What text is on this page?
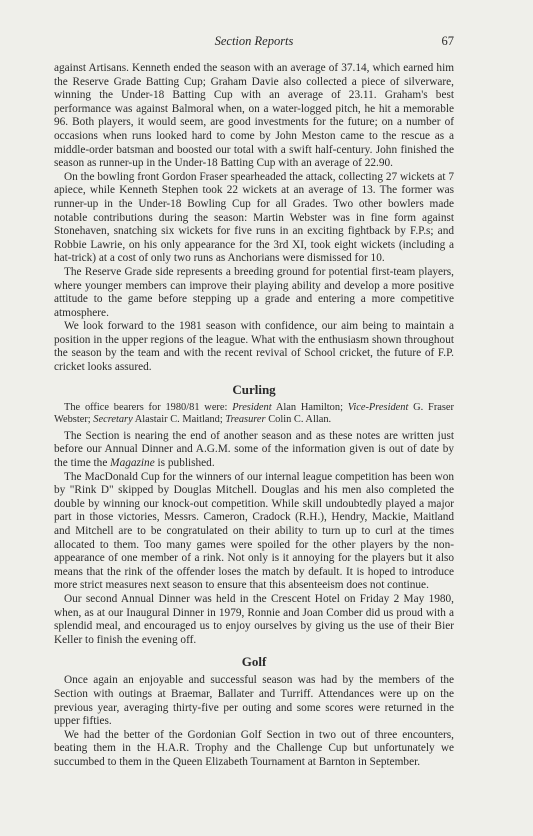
Section Reports	67

against Artisans. Kenneth ended the season with an average of 37.14, which earned him the Reserve Grade Batting Cup; Graham Davie also collected a piece of silverware, winning the Under-18 Batting Cup with an average of 23.11. Graham's best performance was against Balmoral when, on a water-logged pitch, he hit a memorable 96. Both players, it would seem, are good investments for the future; on a number of occasions when runs looked hard to come by John Meston came to the rescue as a middle-order batsman and boosted our total with a swift half-century. John finished the season as runner-up in the Under-18 Batting Cup with an average of 22.90.

On the bowling front Gordon Fraser spearheaded the attack, collecting 27 wickets at 7 apiece, while Kenneth Stephen took 22 wickets at an average of 13. The former was runner-up in the Under-18 Bowling Cup for all Grades. Two other bowlers made notable contributions during the season: Martin Webster was in fine form against Stonehaven, snatching six wickets for five runs in an exciting fightback by F.P.s; and Robbie Lawrie, on his only appearance for the 3rd XI, took eight wickets (including a hat-trick) at a cost of only two runs as Anchorians were dismissed for 10.

The Reserve Grade side represents a breeding ground for potential first-team players, where younger members can improve their playing ability and develop a more positive attitude to the game before stepping up a grade and entering a more competitive atmosphere.

We look forward to the 1981 season with confidence, our aim being to maintain a position in the upper regions of the league. What with the enthusiasm shown throughout the season by the team and with the recent revival of School cricket, the future of F.P. cricket looks assured.

Curling

The office bearers for 1980/81 were: President Alan Hamilton; Vice-President G. Fraser Webster; Secretary Alastair C. Maitland; Treasurer Colin C. Allan.

The Section is nearing the end of another season and as these notes are written just before our Annual Dinner and A.G.M. some of the information given is out of date by the time the Magazine is published.

The MacDonald Cup for the winners of our internal league competition has been won by "Rink D" skipped by Douglas Mitchell. Douglas and his men also completed the double by winning our knock-out competition. While skill undoubtedly played a major part in those victories, Messrs. Cameron, Cradock (R.H.), Hendry, Mackie, Maitland and Mitchell are to be congratulated on their ability to turn up to curl at the times allocated to them. Too many games were spoiled for the other players by the non-appearance of one member of a rink. Not only is it annoying for the players but it also means that the rink of the offender loses the match by default. It is hoped to introduce more strict measures next season to ensure that this absenteeism does not continue.

Our second Annual Dinner was held in the Crescent Hotel on Friday 2 May 1980, when, as at our Inaugural Dinner in 1979, Ronnie and Joan Comber did us proud with a splendid meal, and encouraged us to enjoy ourselves by giving us the use of their Bier Keller to finish the evening off.

Golf

Once again an enjoyable and successful season was had by the members of the Section with outings at Braemar, Ballater and Turriff. Attendances were up on the previous year, averaging thirty-five per outing and some scores were returned in the upper fifties.

We had the better of the Gordonian Golf Section in two out of three encounters, beating them in the H.A.R. Trophy and the Challenge Cup but unfortunately we succumbed to them in the Queen Elizabeth Tournament at Barnton in September.
